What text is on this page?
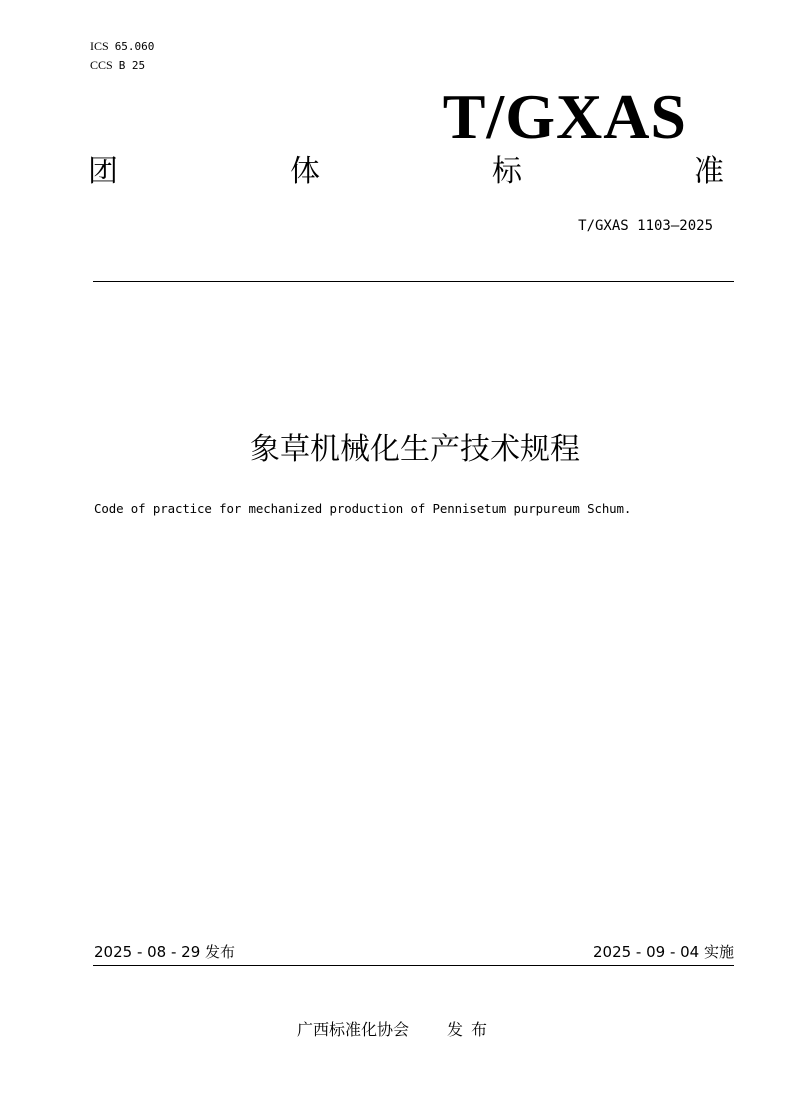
ICS 65.060
CCS B 25
T/GXAS
团	体	标	准
T/GXAS 1103—2025
象草机械化生产技术规程
Code of practice for mechanized production of Pennisetum purpureum Schum.
2025 - 08 - 29 发布	2025 - 09 - 04 实施
广西标准化协会 发布
